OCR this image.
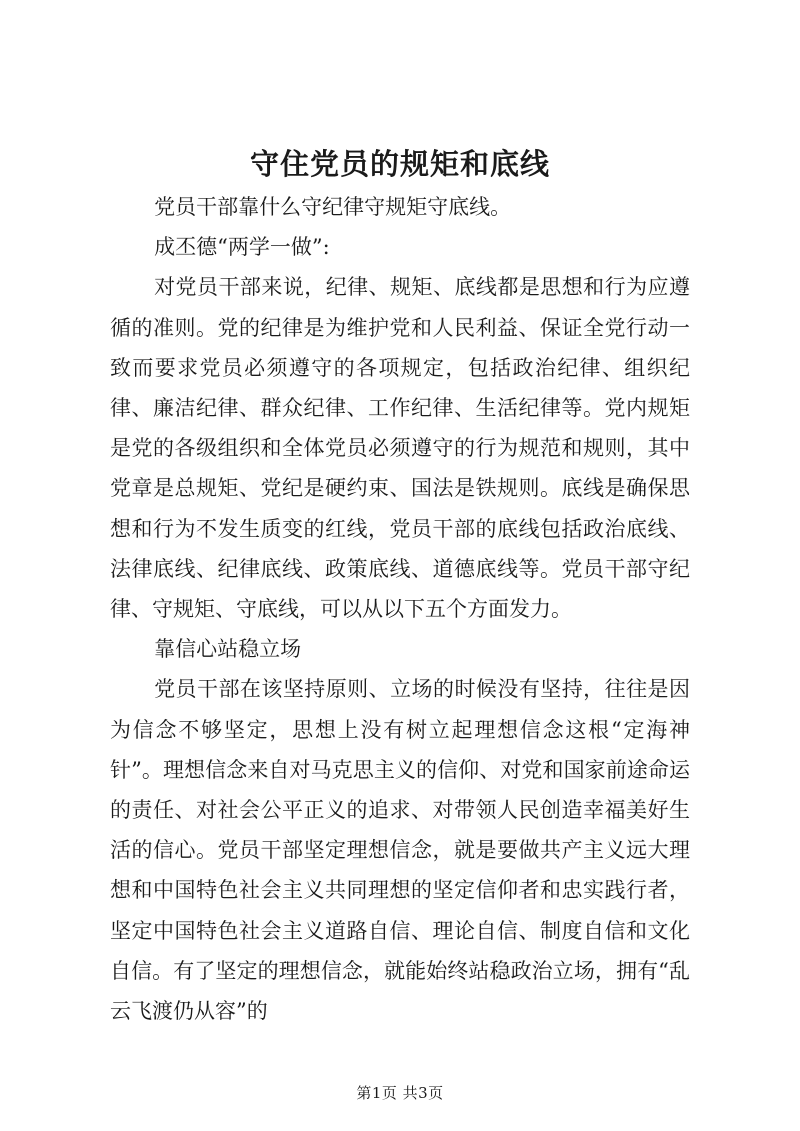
守住党员的规矩和底线

党员干部靠什么守纪律守规矩守底线。

成丕德“两学一做”:

对党员干部来说，纪律、规矩、底线都是思想和行为应遵循的准则。党的纪律是为维护党和人民利益、保证全党行动一致而要求党员必须遵守的各项规定，包括政治纪律、组织纪律、廉洁纪律、群众纪律、工作纪律、生活纪律等。党内规矩是党的各级组织和全体党员必须遵守的行为规范和规则，其中党章是总规矩、党纪是硬约束、国法是铁规则。底线是确保思想和行为不发生质变的红线，党员干部的底线包括政治底线、法律底线、纪律底线、政策底线、道德底线等。党员干部守纪律、守规矩、守底线，可以从以下五个方面发力。

靠信心站稳立场

党员干部在该坚持原则、立场的时候没有坚持，往往是因为信念不够坚定，思想上没有树立起理想信念这根“定海神针”。理想信念来自对马克思主义的信仰、对党和国家前途命运的责任、对社会公平正义的追求、对带领人民创造幸福美好生活的信心。党员干部坚定理想信念，就是要做共产主义远大理想和中国特色社会主义共同理想的坚定信仰者和忠实践行者，坚定中国特色社会主义道路自信、理论自信、制度自信和文化自信。有了坚定的理想信念，就能始终站稳政治立场，拥有“乱云飞渡仍从容”的

第1页 共3页
